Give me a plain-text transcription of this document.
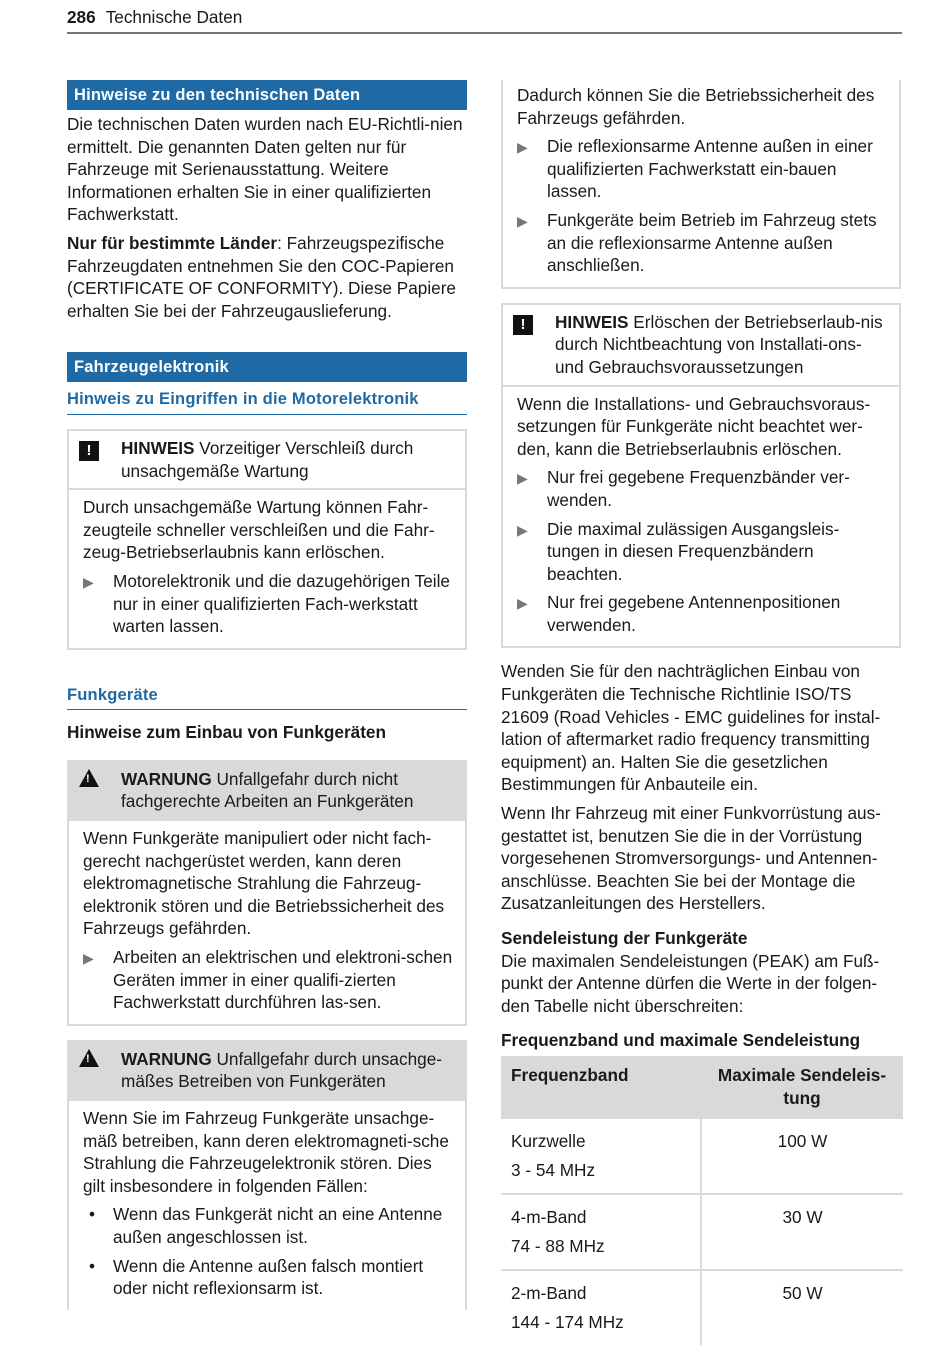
286 Technische Daten
Hinweise zu den technischen Daten

Die technischen Daten wurden nach EU-Richtli-nien ermittelt. Die genannten Daten gelten nur für Fahrzeuge mit Serienausstattung. Weitere Informationen erhalten Sie in einer qualifizierten Fachwerkstatt.

Nur für bestimmte Länder: Fahrzeugspezifische Fahrzeugdaten entnehmen Sie den COC-Papieren (CERTIFICATE OF CONFORMITY). Diese Papiere erhalten Sie bei der Fahrzeugauslieferung.

Fahrzeugelektronik
Hinweis zu Eingriffen in die Motorelektronik
!	HINWEIS Vorzeitiger Verschleiß durch unsachgemäße Wartung

Durch unsachgemäße Wartung können Fahr-zeugteile schneller verschleißen und die Fahr-zeug-Betriebserlaubnis kann erlöschen.

▶	Motorelektronik und die dazugehörigen Teile nur in einer qualifizierten Fach-werkstatt warten lassen.
Funkgeräte
Hinweise zum Einbau von Funkgeräten
! WARNUNG Unfallgefahr durch nicht fachgerechte Arbeiten an Funkgeräten

Wenn Funkgeräte manipuliert oder nicht fach-gerecht nachgerüstet werden, kann deren elektromagnetische Strahlung die Fahrzeug-elektronik stören und die Betriebssicherheit des Fahrzeugs gefährden.

▶	Arbeiten an elektrischen und elektroni-schen Geräten immer in einer qualifi-zierten Fachwerkstatt durchführen las-sen.
! WARNUNG Unfallgefahr durch unsachge-mäßes Betreiben von Funkgeräten

Wenn Sie im Fahrzeug Funkgeräte unsachge-mäß betreiben, kann deren elektromagneti-sche Strahlung die Fahrzeugelektronik stören. Dies gilt insbesondere in folgenden Fällen:

•	Wenn das Funkgerät nicht an eine Antenne außen angeschlossen ist.
•	Wenn die Antenne außen falsch montiert oder nicht reflexionsarm ist.

Dadurch können Sie die Betriebssicherheit des Fahrzeugs gefährden.

▶	Die reflexionsarme Antenne außen in einer qualifizierten Fachwerkstatt ein-bauen lassen.
▶	Funkgeräte beim Betrieb im Fahrzeug stets an die reflexionsarme Antenne außen anschließen.
!	HINWEIS Erlöschen der Betriebserlaub-nis durch Nichtbeachtung von Installati-ons- und Gebrauchsvoraussetzungen

Wenn die Installations- und Gebrauchsvoraus-setzungen für Funkgeräte nicht beachtet wer-den, kann die Betriebserlaubnis erlöschen.

▶	Nur frei gegebene Frequenzbänder ver-wenden.
▶	Die maximal zulässigen Ausgangsleis-tungen in diesen Frequenzbändern beachten.
▶	Nur frei gegebene Antennenpositionen verwenden.

Wenden Sie für den nachträglichen Einbau von Funkgeräten die Technische Richtlinie ISO/TS 21609 (Road Vehicles - EMC guidelines for instal-lation of aftermarket radio frequency transmitting equipment) an. Halten Sie die gesetzlichen Bestimmungen für Anbauteile ein.

Wenn Ihr Fahrzeug mit einer Funkvorrüstung aus-gestattet ist, benutzen Sie die in der Vorrüstung vorgesehenen Stromversorgungs- und Antennen-anschlüsse. Beachten Sie bei der Montage die Zusatzanleitungen des Herstellers.

Sendeleistung der Funkgeräte

Die maximalen Sendeleistungen (PEAK) am Fuß-punkt der Antenne dürfen die Werte in der folgen-den Tabelle nicht überschreiten:

Frequenzband und maximale Sendeleistung
Frequenzband	Maximale Sendeleis-tung

Kurzwelle
3 - 54 MHz	100 W

4-m-Band
74 - 88 MHz	30 W

2-m-Band
144 - 174 MHz	50 W
